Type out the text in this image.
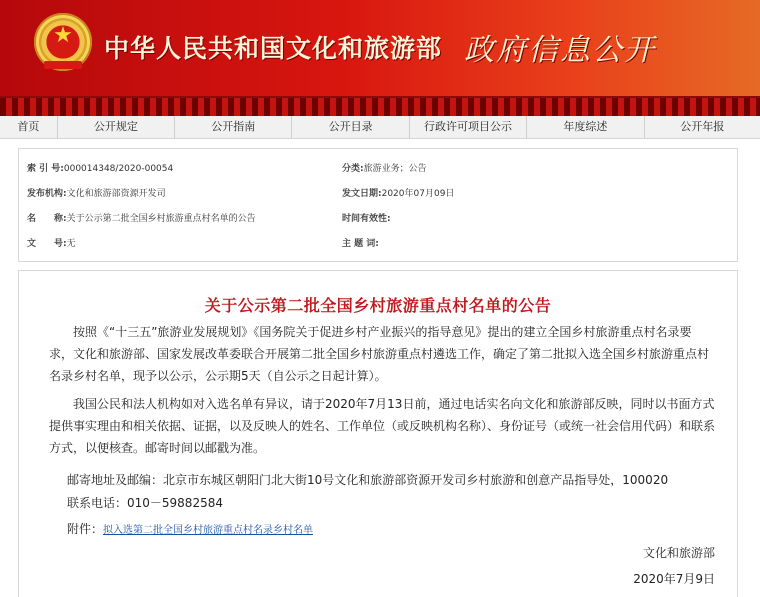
★	中华人民共和国文化和旅游部 政府信息公开
首页	公开规定	公开指南	公开目录	行政许可项目公示	年度综述	公开年报
索 引 号:000014348/2020-00054	分类:旅游业务；公告
发布机构:文化和旅游部资源开发司	发文日期:2020年07月09日
名　　称:关于公示第二批全国乡村旅游重点村名单的公告	时间有效性:
文　　号:无	主 题 词:
关于公示第二批全国乡村旅游重点村名单的公告
按照《“十三五”旅游业发展规划》《国务院关于促进乡村产业振兴的指导意见》提出的建立全国乡村旅游重点村名录要求，文化和旅游部、国家发展改革委联合开展第二批全国乡村旅游重点村遴选工作，确定了第二批拟入选全国乡村旅游重点村名录乡村名单，现予以公示，公示期5天（自公示之日起计算）。
我国公民和法人机构如对入选名单有异议，请于2020年7月13日前，通过电话实名向文化和旅游部反映，同时以书面方式提供事实理由和相关依据、证据，以及反映人的姓名、工作单位（或反映机构名称）、身份证号（或统一社会信用代码）和联系方式，以便核查。邮寄时间以邮戳为准。
邮寄地址及邮编：北京市东城区朝阳门北大街10号文化和旅游部资源开发司乡村旅游和创意产品指导处，100020
联系电话：010－59882584
附件：拟入选第二批全国乡村旅游重点村名录乡村名单
文化和旅游部
2020年7月9日
